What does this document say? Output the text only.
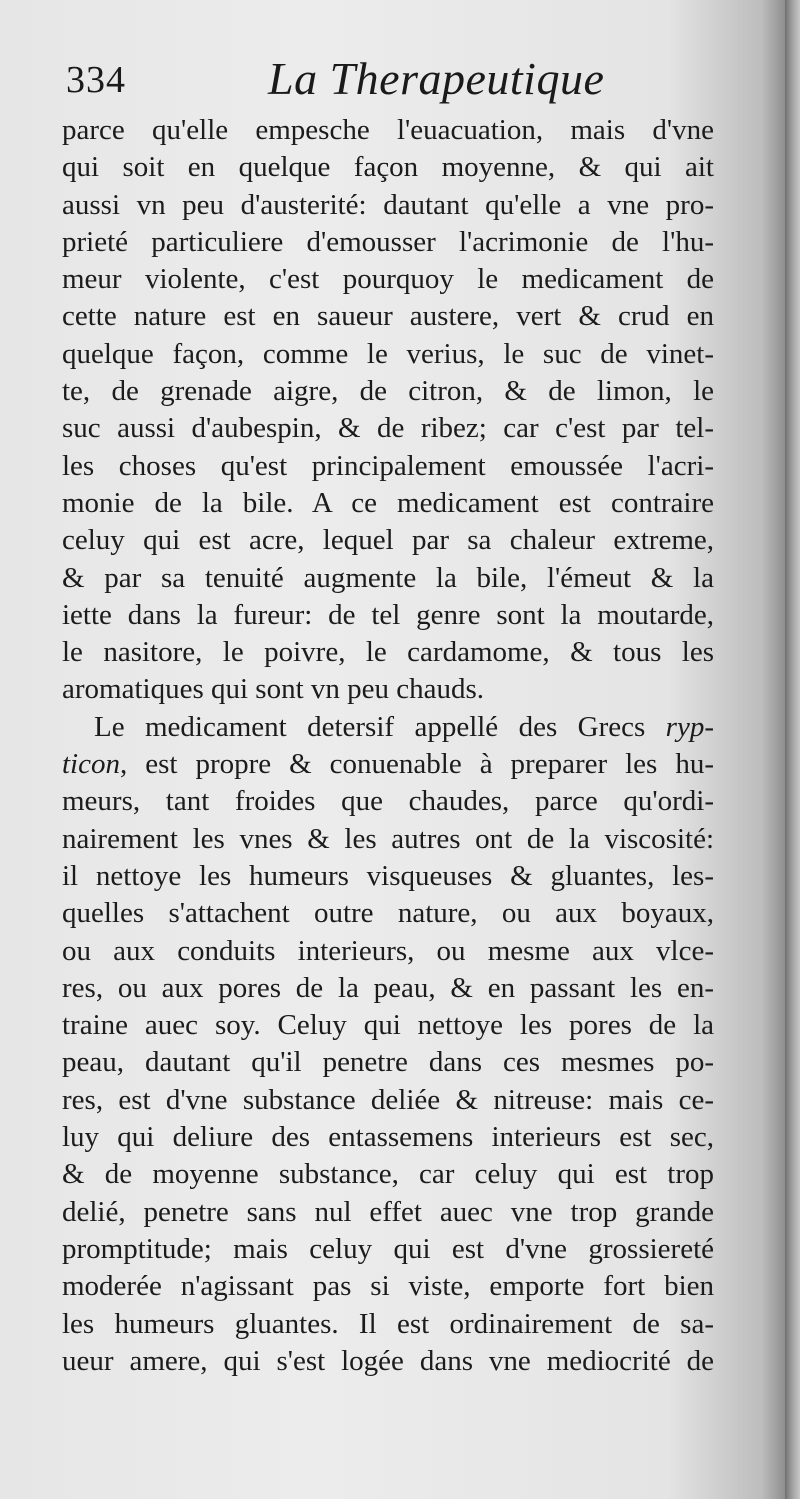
334	La Therapeutique
parce qu'elle empesche l'euacuation, mais d'vne
qui soit en quelque façon moyenne, & qui ait
aussi vn peu d'austerité: dautant qu'elle a vne pro-
prieté particuliere d'emousser l'acrimonie de l'hu-
meur violente, c'est pourquoy le medicament de
cette nature est en saueur austere, vert & crud en
quelque façon, comme le verius, le suc de vinet-
te, de grenade aigre, de citron, & de limon, le
suc aussi d'aubespin, & de ribez; car c'est par tel-
les choses qu'est principalement emoussée l'acri-
monie de la bile. A ce medicament est contraire
celuy qui est acre, lequel par sa chaleur extreme,
& par sa tenuité augmente la bile, l'émeut & la
iette dans la fureur: de tel genre sont la moutarde,
le nasitore, le poivre, le cardamome, & tous les
aromatiques qui sont vn peu chauds.
Le medicament detersif appellé des Grecs ryp-
ticon, est propre & conuenable à preparer les hu-
meurs, tant froides que chaudes, parce qu'ordi-
nairement les vnes & les autres ont de la viscosité:
il nettoye les humeurs visqueuses & gluantes, les-
quelles s'attachent outre nature, ou aux boyaux,
ou aux conduits interieurs, ou mesme aux vlce-
res, ou aux pores de la peau, & en passant les en-
traine auec soy. Celuy qui nettoye les pores de la
peau, dautant qu'il penetre dans ces mesmes po-
res, est d'vne substance deliée & nitreuse: mais ce-
luy qui deliure des entassemens interieurs est sec,
& de moyenne substance, car celuy qui est trop
delié, penetre sans nul effet auec vne trop grande
promptitude; mais celuy qui est d'vne grossiereté
moderée n'agissant pas si viste, emporte fort bien
les humeurs gluantes. Il est ordinairement de sa-
ueur amere, qui s'est logée dans vne mediocrité de
